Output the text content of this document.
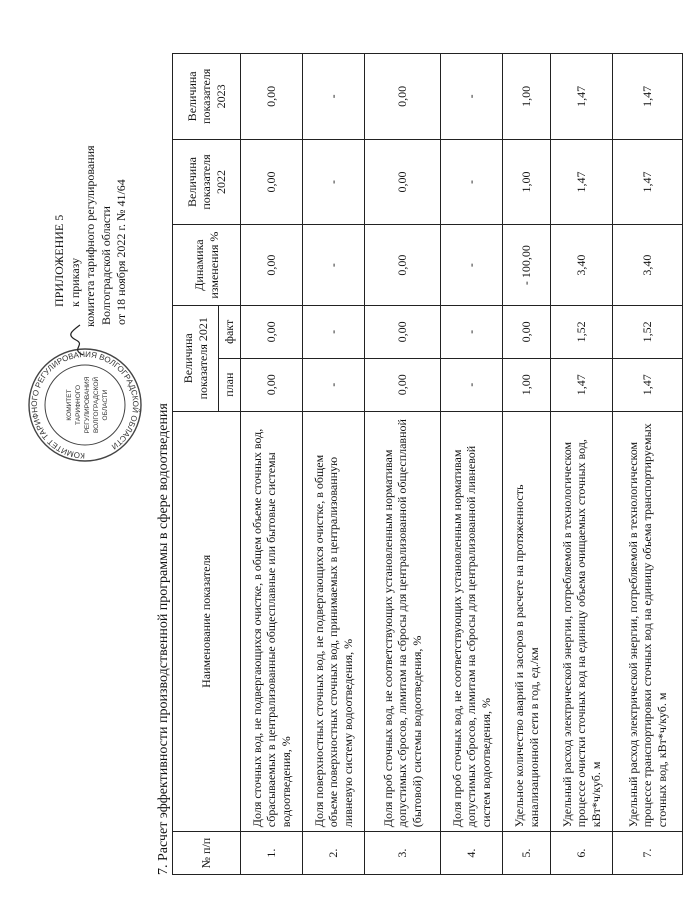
КОМИТЕТ ТАРИФНОГО РЕГУЛИРОВАНИЯ ВОЛГОГРАДСКОЙ ОБЛАСТИ
КОМИТЕТ ТАРИФНОГО РЕГУЛИРОВАНИЯ ВОЛГОГРАДСКОЙ ОБЛАСТИ
ПРИЛОЖЕНИЕ 5 к приказу комитета тарифного регулирования Волгоградской области от 18 ноября 2022 г. № 41/64
7. Расчет эффективности производственной программы в сфере водоотведения № п/п	Наименование показателя	Величина показателя 2021		Динамика изменения %	Величина показателя 2022	Величина показателя 2023
		план	факт			
1.	Доля сточных вод, не подвергающихся очистке, в общем объеме сточных вод, сбрасываемых в централизованные общесплавные или бытовые системы водоотведения, %	0,00	0,00	0,00	0,00	0,00
2.	Доля поверхностных сточных вод, не подвергающихся очистке, в общем объеме поверхностных сточных вод, принимаемых в централизованную ливневую систему водоотведения, %	-	-	-	-	-
3.	Доля проб сточных вод, не соответствующих установленным нормативам допустимых сбросов, лимитам на сбросы для централизованной общесплавной (бытовой) системы водоотведения, %	0,00	0,00	0,00	0,00	0,00
4.	Доля проб сточных вод, не соответствующих установленным нормативам допустимых сбросов, лимитам на сбросы для централизованной ливневой систем водоотведения, %	-	-	-	-	-
5.	Удельное количество аварий и засоров в расчете на протяженность канализационной сети в год, ед./км	1,00	0,00	- 100,00	1,00	1,00
6.	Удельный расход электрической энергии, потребляемой в технологическом процессе очистки сточных вод на единицу объема очищаемых сточных вод, кВт*ч/куб. м	1,47	1,52	3,40	1,47	1,47
7.	Удельный расход электрической энергии, потребляемой в технологическом процессе транспортировки сточных вод на единицу объема транспортируемых сточных вод, кВт*ч/куб. м	1,47	1,52	3,40	1,47	1,47
